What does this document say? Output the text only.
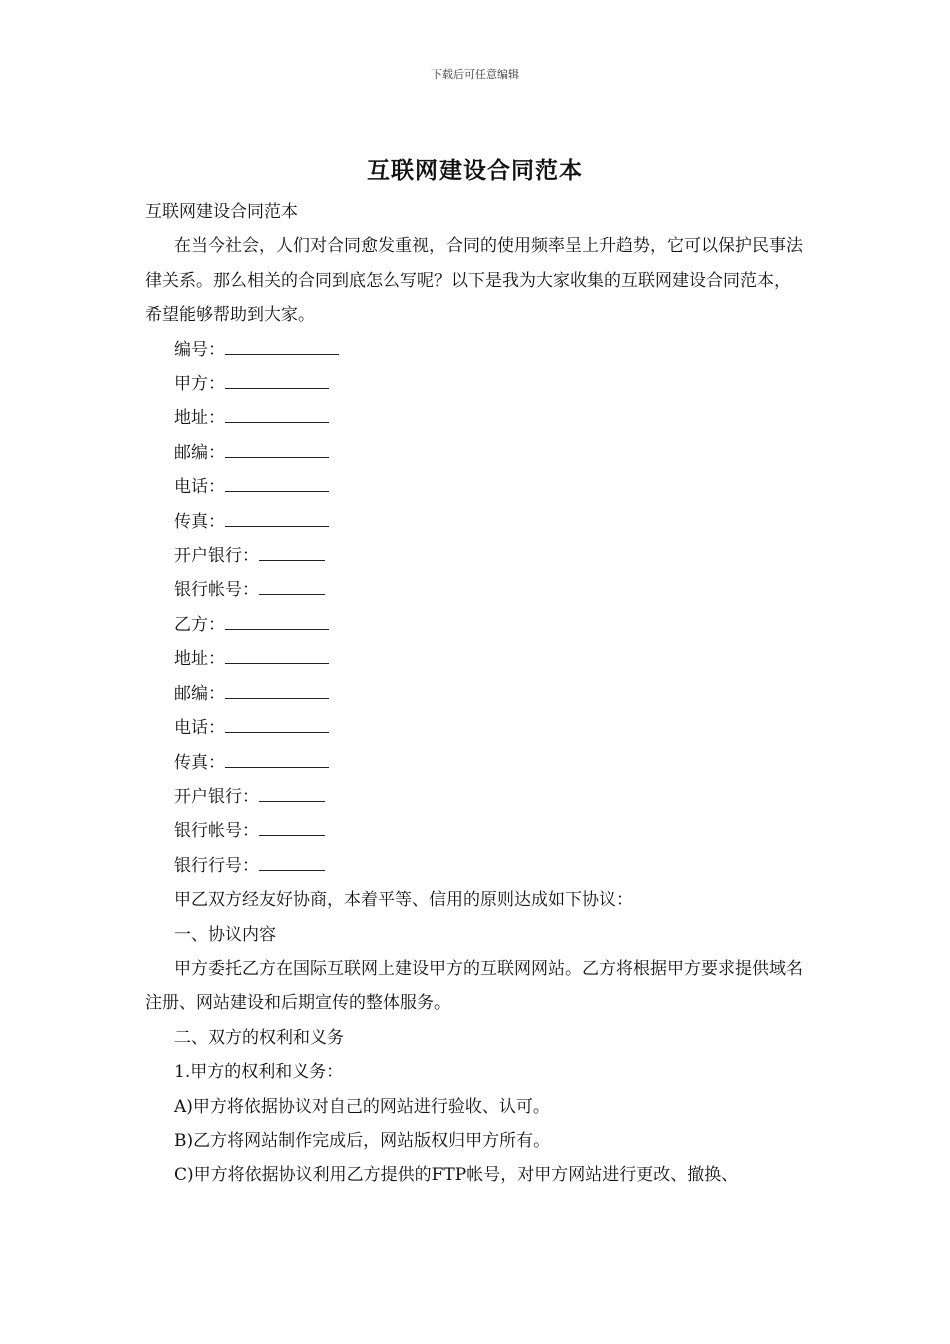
下载后可任意编辑
互联网建设合同范本

互联网建设合同范本

在当今社会，人们对合同愈发重视，合同的使用频率呈上升趋势，它可以保护民事法律关系。那么相关的合同到底怎么写呢？以下是我为大家收集的互联网建设合同范本，希望能够帮助到大家。

编号：

甲方：

地址：

邮编：

电话：

传真：

开户银行：

银行帐号：

乙方：

地址：

邮编：

电话：

传真：

开户银行：

银行帐号：

银行行号：

甲乙双方经友好协商，本着平等、信用的原则达成如下协议：

一、协议内容

甲方委托乙方在国际互联网上建设甲方的互联网网站。乙方将根据甲方要求提供域名注册、网站建设和后期宣传的整体服务。

二、双方的权利和义务

1.甲方的权利和义务：

A)甲方将依据协议对自己的网站进行验收、认可。

B)乙方将网站制作完成后，网站版权归甲方所有。

C)甲方将依据协议利用乙方提供的FTP帐号，对甲方网站进行更改、撤换、
